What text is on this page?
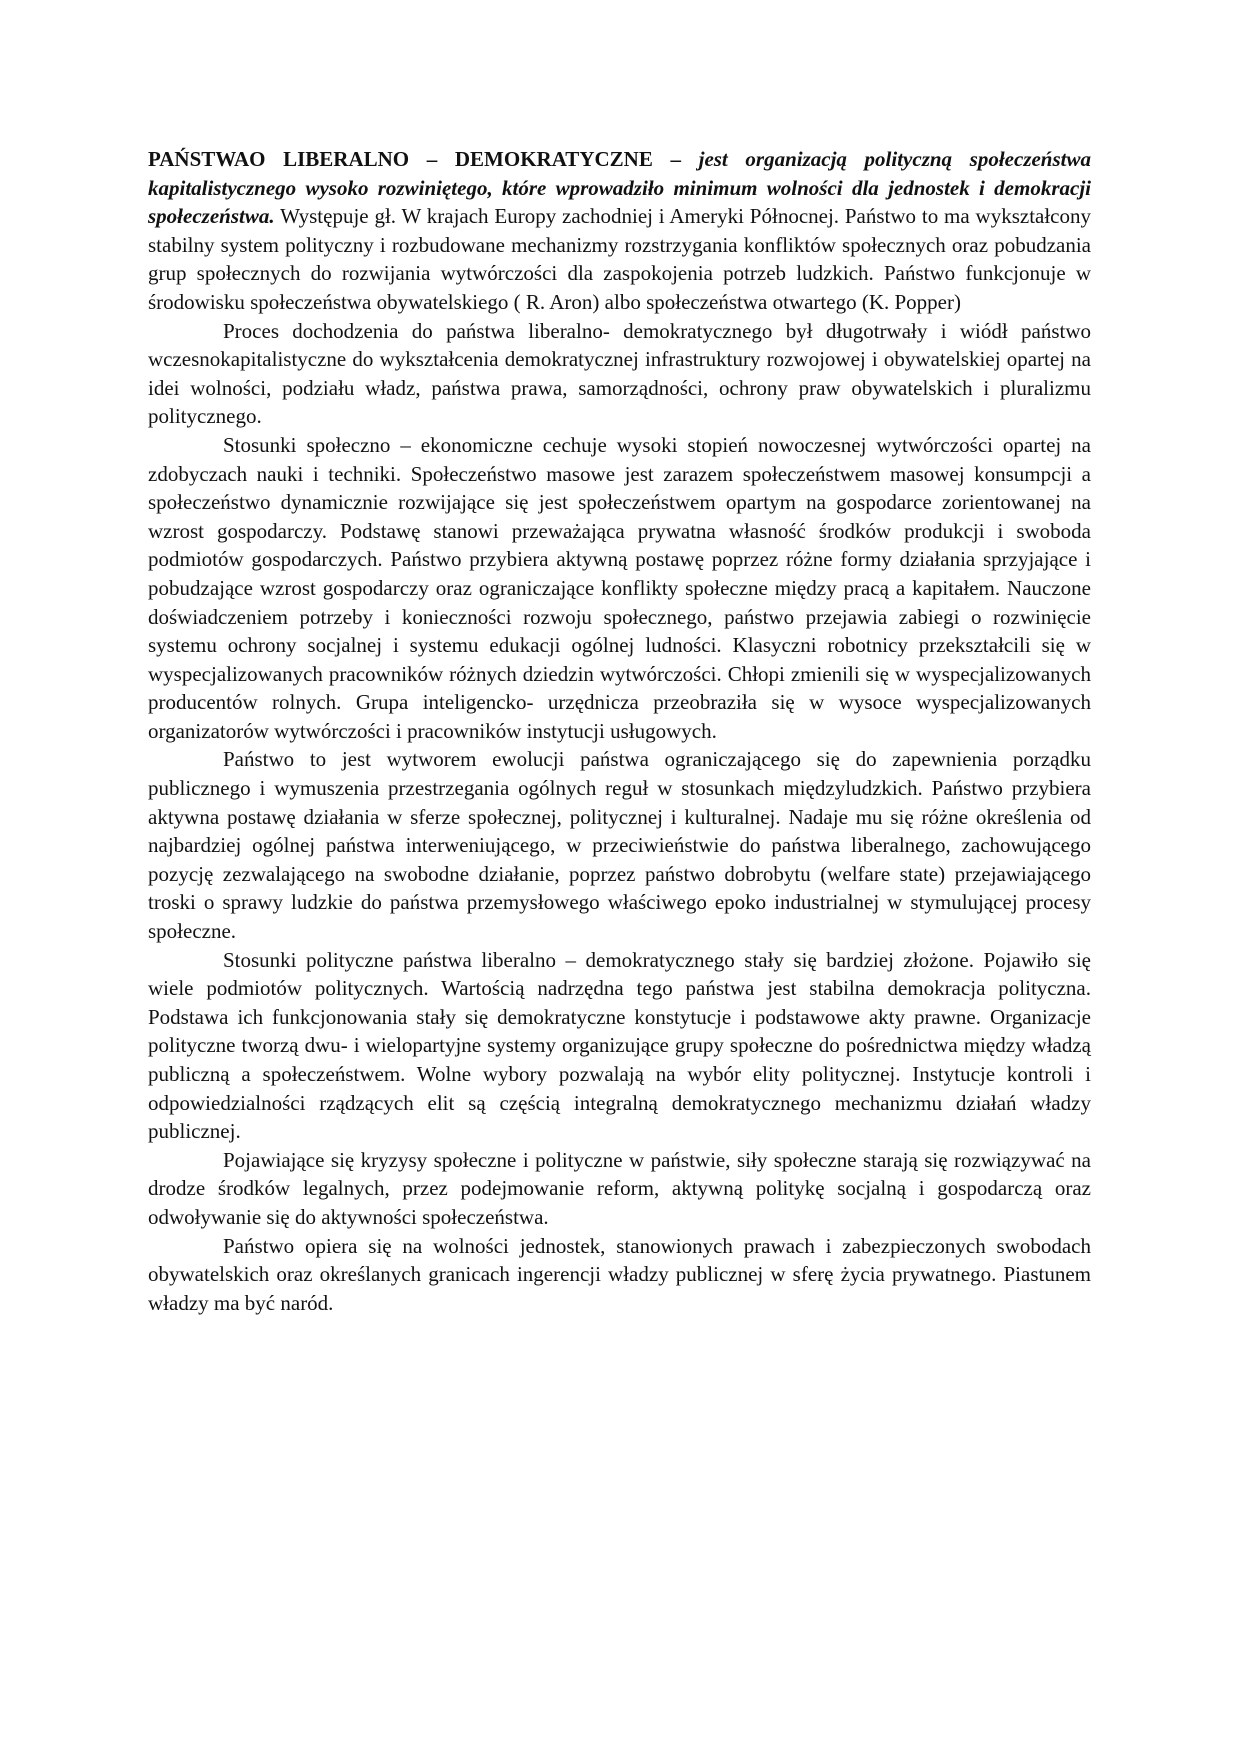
PAŃSTWAO LIBERALNO – DEMOKRATYCZNE – jest organizacją polityczną społeczeństwa kapitalistycznego wysoko rozwiniętego, które wprowadziło minimum wolności dla jednostek i demokracji społeczeństwa. Występuje gł. W krajach Europy zachodniej i Ameryki Północnej. Państwo to ma wykształcony stabilny system polityczny i rozbudowane mechanizmy rozstrzygania konfliktów społecznych oraz pobudzania grup społecznych do rozwijania wytwórczości dla zaspokojenia potrzeb ludzkich. Państwo funkcjonuje w środowisku społeczeństwa obywatelskiego ( R. Aron) albo społeczeństwa otwartego (K. Popper)

Proces dochodzenia do państwa liberalno- demokratycznego był długotrwały i wiódł państwo wczesnokapitalistyczne do wykształcenia demokratycznej infrastruktury rozwojowej i obywatelskiej opartej na idei wolności, podziału władz, państwa prawa, samorządności, ochrony praw obywatelskich i pluralizmu politycznego.

Stosunki społeczno – ekonomiczne cechuje wysoki stopień nowoczesnej wytwórczości opartej na zdobyczach nauki i techniki. Społeczeństwo masowe jest zarazem społeczeństwem masowej konsumpcji a społeczeństwo dynamicznie rozwijające się jest społeczeństwem opartym na gospodarce zorientowanej na wzrost gospodarczy. Podstawę stanowi przeważająca prywatna własność środków produkcji i swoboda podmiotów gospodarczych. Państwo przybiera aktywną postawę poprzez różne formy działania sprzyjające i pobudzające wzrost gospodarczy oraz ograniczające konflikty społeczne między pracą a kapitałem. Nauczone doświadczeniem potrzeby i konieczności rozwoju społecznego, państwo przejawia zabiegi o rozwinięcie systemu ochrony socjalnej i systemu edukacji ogólnej ludności. Klasyczni robotnicy przekształcili się w wyspecjalizowanych pracowników różnych dziedzin wytwórczości. Chłopi zmienili się w wyspecjalizowanych producentów rolnych. Grupa inteligencko- urzędnicza przeobraziła się w wysoce wyspecjalizowanych organizatorów wytwórczości i pracowników instytucji usługowych.

Państwo to jest wytworem ewolucji państwa ograniczającego się do zapewnienia porządku publicznego i wymuszenia przestrzegania ogólnych reguł w stosunkach międzyludzkich. Państwo przybiera aktywna postawę działania w sferze społecznej, politycznej i kulturalnej. Nadaje mu się różne określenia od najbardziej ogólnej państwa interweniującego, w przeciwieństwie do państwa liberalnego, zachowującego pozycję zezwalającego na swobodne działanie, poprzez państwo dobrobytu (welfare state) przejawiającego troski o sprawy ludzkie do państwa przemysłowego właściwego epoko industrialnej w stymulującej procesy społeczne.

Stosunki polityczne państwa liberalno – demokratycznego stały się bardziej złożone. Pojawiło się wiele podmiotów politycznych. Wartością nadrzędna tego państwa jest stabilna demokracja polityczna. Podstawa ich funkcjonowania stały się demokratyczne konstytucje i podstawowe akty prawne. Organizacje polityczne tworzą dwu- i wielopartyjne systemy organizujące grupy społeczne do pośrednictwa między władzą publiczną a społeczeństwem. Wolne wybory pozwalają na wybór elity politycznej. Instytucje kontroli i odpowiedzialności rządzących elit są częścią integralną demokratycznego mechanizmu działań władzy publicznej.

Pojawiające się kryzysy społeczne i polityczne w państwie, siły społeczne starają się rozwiązywać na drodze środków legalnych, przez podejmowanie reform, aktywną politykę socjalną i gospodarczą oraz odwoływanie się do aktywności społeczeństwa.

Państwo opiera się na wolności jednostek, stanowionych prawach i zabezpieczonych swobodach obywatelskich oraz określanych granicach ingerencji władzy publicznej w sferę życia prywatnego. Piastunem władzy ma być naród.
